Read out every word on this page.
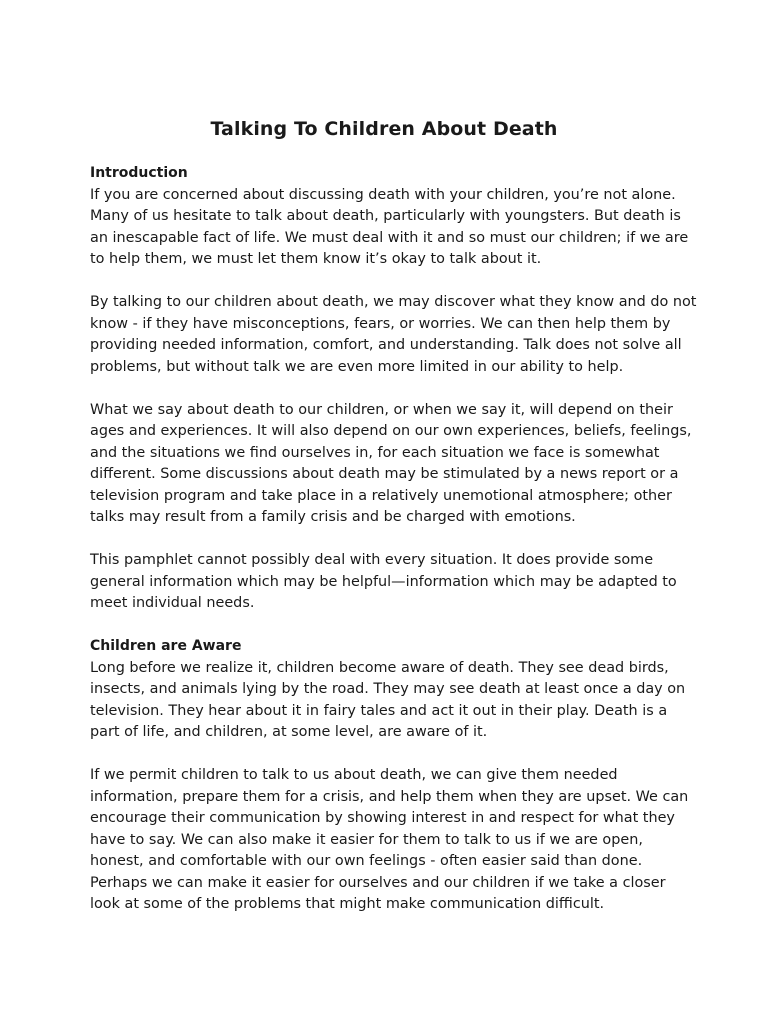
Talking To Children About Death

Introduction
If you are concerned about discussing death with your children, you’re not alone.
Many of us hesitate to talk about death, particularly with youngsters. But death is
an inescapable fact of life. We must deal with it and so must our children; if we are
to help them, we must let them know it’s okay to talk about it.

By talking to our children about death, we may discover what they know and do not
know - if they have misconceptions, fears, or worries. We can then help them by
providing needed information, comfort, and understanding. Talk does not solve all
problems, but without talk we are even more limited in our ability to help.

What we say about death to our children, or when we say it, will depend on their
ages and experiences. It will also depend on our own experiences, beliefs, feelings,
and the situations we find ourselves in, for each situation we face is somewhat
different. Some discussions about death may be stimulated by a news report or a
television program and take place in a relatively unemotional atmosphere; other
talks may result from a family crisis and be charged with emotions.

This pamphlet cannot possibly deal with every situation. It does provide some
general information which may be helpful—information which may be adapted to
meet individual needs.

Children are Aware
Long before we realize it, children become aware of death. They see dead birds,
insects, and animals lying by the road. They may see death at least once a day on
television. They hear about it in fairy tales and act it out in their play. Death is a
part of life, and children, at some level, are aware of it.

If we permit children to talk to us about death, we can give them needed
information, prepare them for a crisis, and help them when they are upset. We can
encourage their communication by showing interest in and respect for what they
have to say. We can also make it easier for them to talk to us if we are open,
honest, and comfortable with our own feelings - often easier said than done.
Perhaps we can make it easier for ourselves and our children if we take a closer
look at some of the problems that might make communication difficult.
